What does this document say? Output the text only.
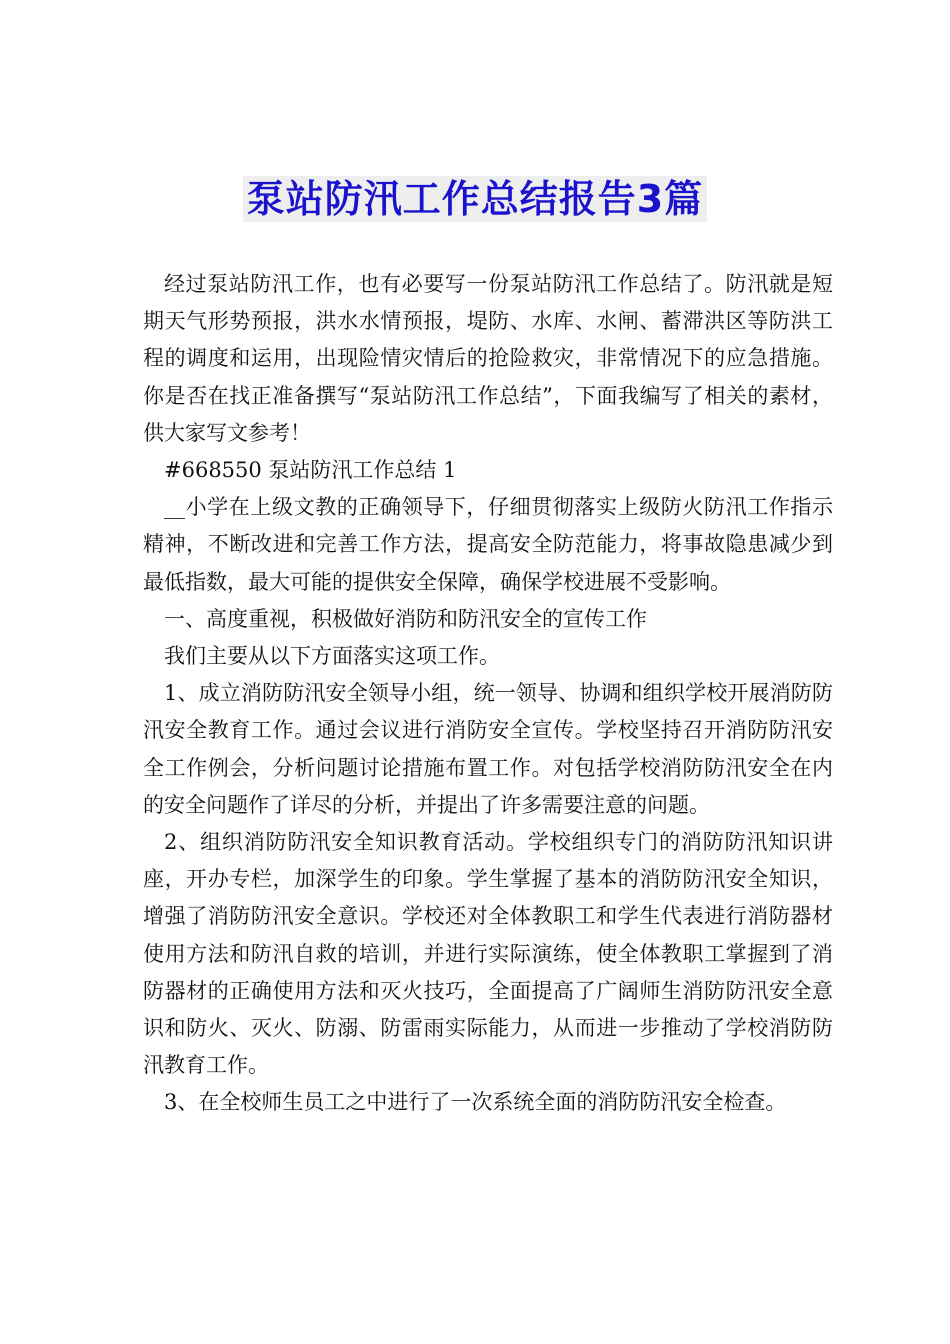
泵站防汛工作总结报告3篇

经过泵站防汛工作，也有必要写一份泵站防汛工作总结了。防汛就是短期天气形势预报，洪水水情预报，堤防、水库、水闸、蓄滞洪区等防洪工程的调度和运用，出现险情灾情后的抢险救灾，非常情况下的应急措施。你是否在找正准备撰写“泵站防汛工作总结”，下面我编写了相关的素材，供大家写文参考！

#668550 泵站防汛工作总结 1

__小学在上级文教的正确领导下，仔细贯彻落实上级防火防汛工作指示精神，不断改进和完善工作方法，提高安全防范能力，将事故隐患减少到最低指数，最大可能的提供安全保障，确保学校进展不受影响。

一、高度重视，积极做好消防和防汛安全的宣传工作

我们主要从以下方面落实这项工作。

1、成立消防防汛安全领导小组，统一领导、协调和组织学校开展消防防汛安全教育工作。通过会议进行消防安全宣传。学校坚持召开消防防汛安全工作例会，分析问题讨论措施布置工作。对包括学校消防防汛安全在内的安全问题作了详尽的分析，并提出了许多需要注意的问题。

2、组织消防防汛安全知识教育活动。学校组织专门的消防防汛知识讲座，开办专栏，加深学生的印象。学生掌握了基本的消防防汛安全知识，增强了消防防汛安全意识。学校还对全体教职工和学生代表进行消防器材使用方法和防汛自救的培训，并进行实际演练，使全体教职工掌握到了消防器材的正确使用方法和灭火技巧，全面提高了广阔师生消防防汛安全意识和防火、灭火、防溺、防雷雨实际能力，从而进一步推动了学校消防防汛教育工作。

3、在全校师生员工之中进行了一次系统全面的消防防汛安全检查。
